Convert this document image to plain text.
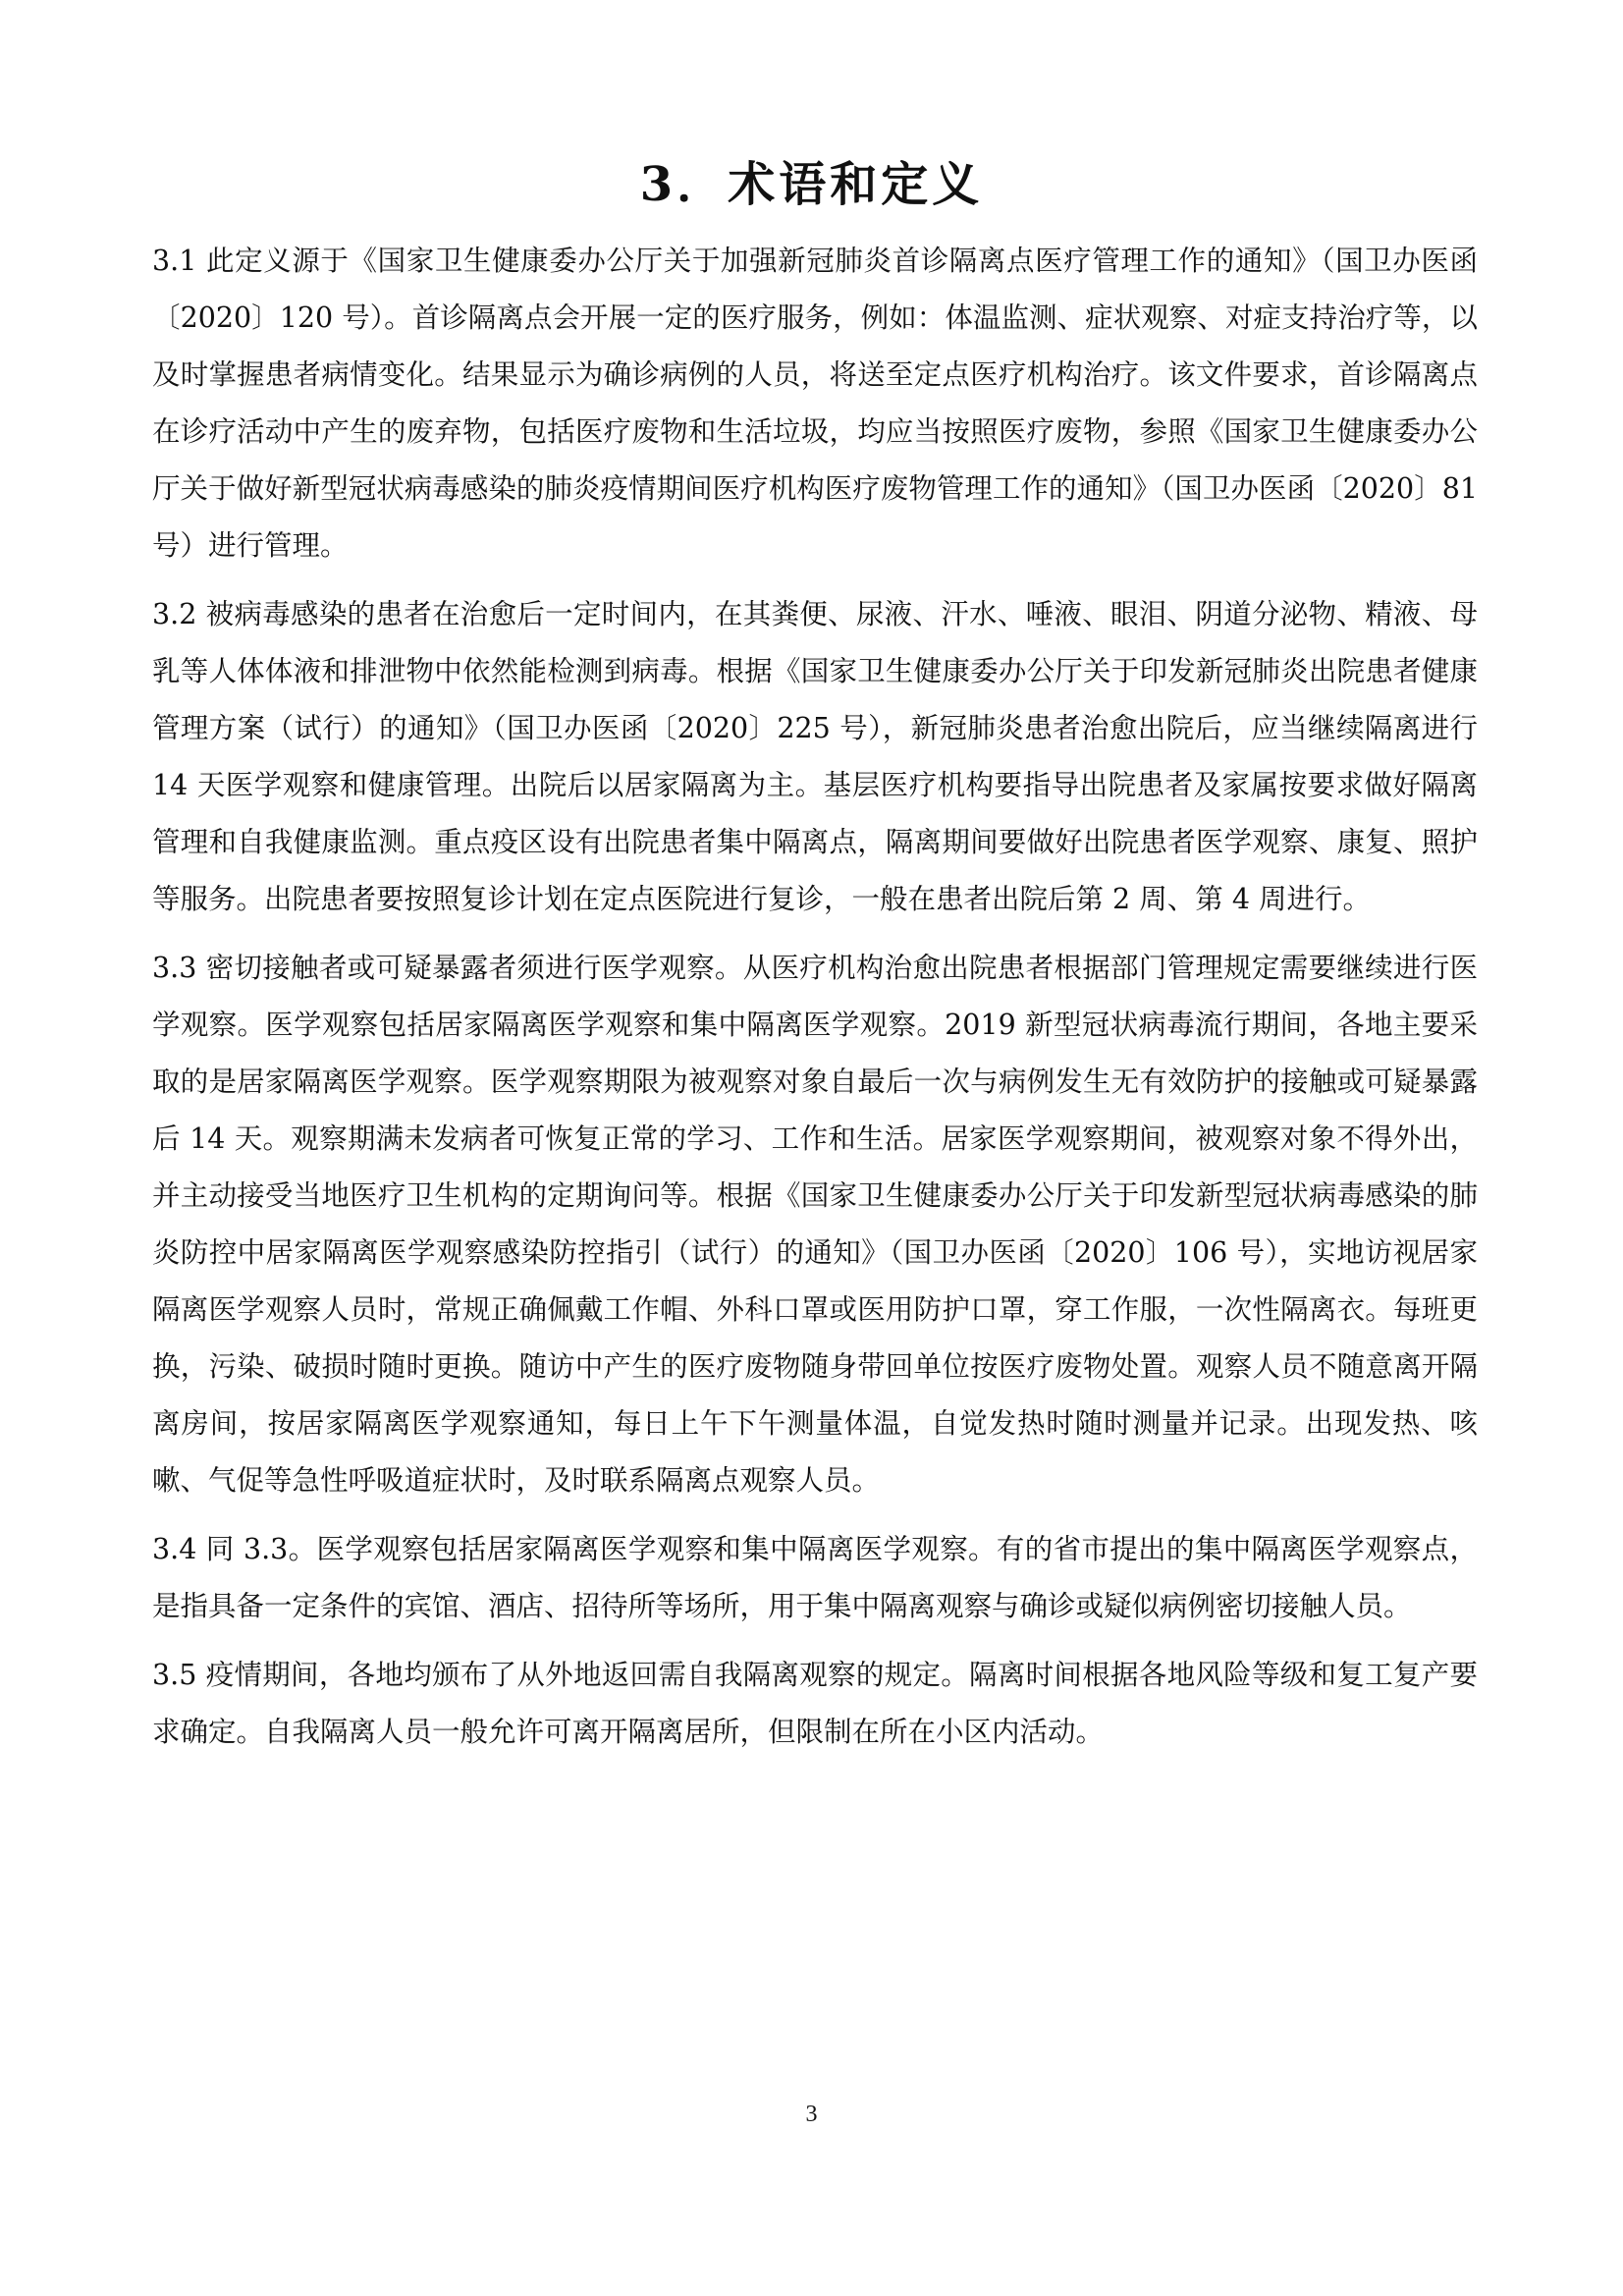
3．术语和定义

3.1 此定义源于《国家卫生健康委办公厅关于加强新冠肺炎首诊隔离点医疗管理工作的通知》（国卫办医函〔2020〕120 号）。首诊隔离点会开展一定的医疗服务，例如：体温监测、症状观察、对症支持治疗等，以及时掌握患者病情变化。结果显示为确诊病例的人员，将送至定点医疗机构治疗。该文件要求，首诊隔离点在诊疗活动中产生的废弃物，包括医疗废物和生活垃圾，均应当按照医疗废物，参照《国家卫生健康委办公厅关于做好新型冠状病毒感染的肺炎疫情期间医疗机构医疗废物管理工作的通知》（国卫办医函〔2020〕81 号）进行管理。

3.2 被病毒感染的患者在治愈后一定时间内，在其粪便、尿液、汗水、唾液、眼泪、阴道分泌物、精液、母乳等人体体液和排泄物中依然能检测到病毒。根据《国家卫生健康委办公厅关于印发新冠肺炎出院患者健康管理方案（试行）的通知》（国卫办医函〔2020〕225 号），新冠肺炎患者治愈出院后，应当继续隔离进行 14 天医学观察和健康管理。出院后以居家隔离为主。基层医疗机构要指导出院患者及家属按要求做好隔离管理和自我健康监测。重点疫区设有出院患者集中隔离点，隔离期间要做好出院患者医学观察、康复、照护等服务。出院患者要按照复诊计划在定点医院进行复诊，一般在患者出院后第 2 周、第 4 周进行。

3.3 密切接触者或可疑暴露者须进行医学观察。从医疗机构治愈出院患者根据部门管理规定需要继续进行医学观察。医学观察包括居家隔离医学观察和集中隔离医学观察。2019 新型冠状病毒流行期间，各地主要采取的是居家隔离医学观察。医学观察期限为被观察对象自最后一次与病例发生无有效防护的接触或可疑暴露后 14 天。观察期满未发病者可恢复正常的学习、工作和生活。居家医学观察期间，被观察对象不得外出，并主动接受当地医疗卫生机构的定期询问等。根据《国家卫生健康委办公厅关于印发新型冠状病毒感染的肺炎防控中居家隔离医学观察感染防控指引（试行）的通知》（国卫办医函〔2020〕106 号），实地访视居家隔离医学观察人员时，常规正确佩戴工作帽、外科口罩或医用防护口罩，穿工作服，一次性隔离衣。每班更换，污染、破损时随时更换。随访中产生的医疗废物随身带回单位按医疗废物处置。观察人员不随意离开隔离房间，按居家隔离医学观察通知，每日上午下午测量体温，自觉发热时随时测量并记录。出现发热、咳嗽、气促等急性呼吸道症状时，及时联系隔离点观察人员。

3.4 同 3.3。医学观察包括居家隔离医学观察和集中隔离医学观察。有的省市提出的集中隔离医学观察点，是指具备一定条件的宾馆、酒店、招待所等场所，用于集中隔离观察与确诊或疑似病例密切接触人员。

3.5 疫情期间，各地均颁布了从外地返回需自我隔离观察的规定。隔离时间根据各地风险等级和复工复产要求确定。自我隔离人员一般允许可离开隔离居所，但限制在所在小区内活动。

3
